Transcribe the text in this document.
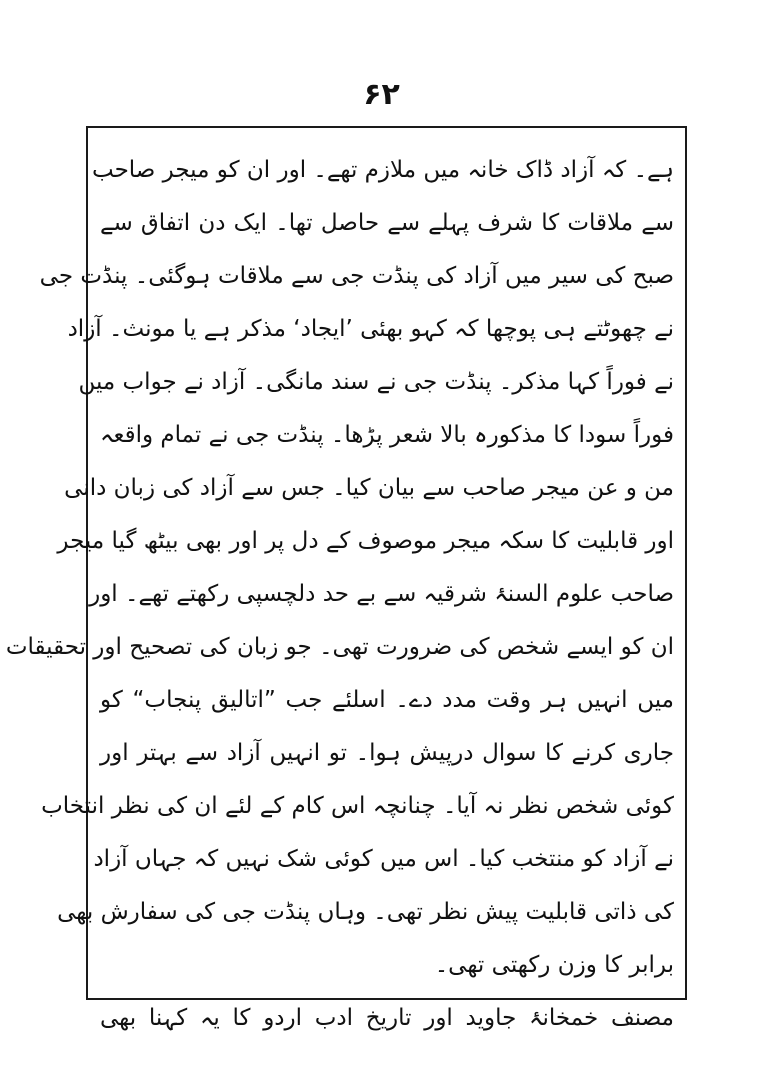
۶۲
ہے۔ کہ آزاد ڈاک خانہ میں ملازم تھے۔ اور ان کو میجر صاحب
سے ملاقات کا شرف پہلے سے حاصل تھا۔ ایک دن اتفاق سے
صبح کی سیر میں آزاد کی پنڈت جی سے ملاقات ہوگئی۔ پنڈت جی
نے چھوٹتے ہی پوچھا کہ کہو بھئی ’ایجاد‘ مذکر ہے یا مونث۔ آزاد
نے فوراً کہا مذکر۔ پنڈت جی نے سند مانگی۔ آزاد نے جواب میں
فوراً سودا کا مذکورہ بالا شعر پڑھا۔ پنڈت جی نے تمام واقعہ
من و عن میجر صاحب سے بیان کیا۔ جس سے آزاد کی زبان دانی
اور قابلیت کا سکہ میجر موصوف کے دل پر اور بھی بیٹھ گیا میجر
صاحب علوم السنۂ شرقیہ سے بے حد دلچسپی رکھتے تھے۔ اور
ان کو ایسے شخص کی ضرورت تھی۔ جو زبان کی تصحیح اور تحقیقات
میں انہیں ہر وقت مدد دے۔ اسلئے جب ”اتالیق پنجاب“ کو
جاری کرنے کا سوال درپیش ہوا۔ تو انہیں آزاد سے بہتر اور
کوئی شخص نظر نہ آیا۔ چنانچہ اس کام کے لئے ان کی نظر انتخاب
نے آزاد کو منتخب کیا۔ اس میں کوئی شک نہیں کہ جہاں آزاد
کی ذاتی قابلیت پیش نظر تھی۔ وہاں پنڈت جی کی سفارش بھی
برابر کا وزن رکھتی تھی۔
مصنف خمخانۂ جاوید اور تاریخ ادب اردو کا یہ کہنا بھی
